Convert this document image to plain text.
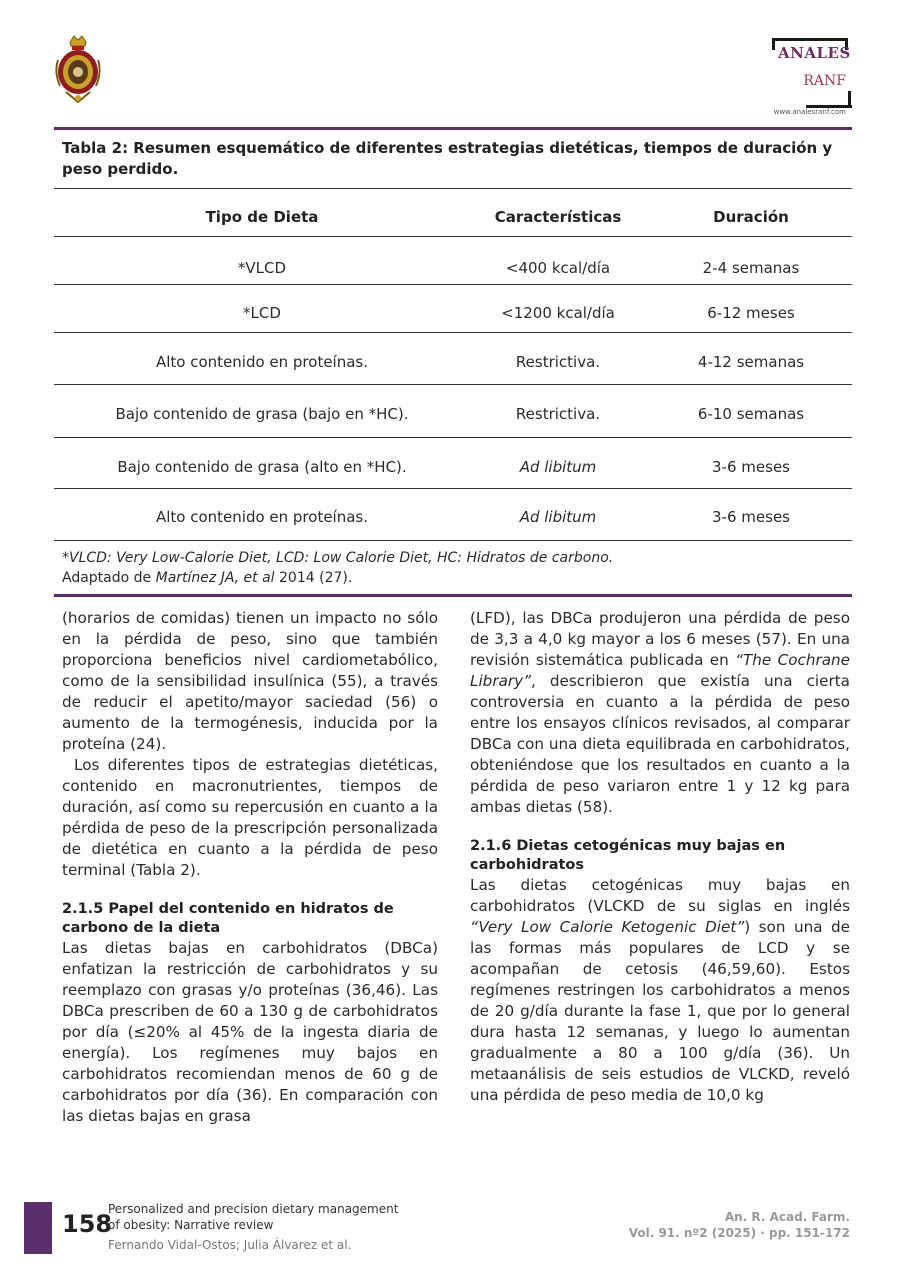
ANALES
RANF
www.analesranf.com
Tabla 2: Resumen esquemático de diferentes estrategias dietéticas, tiempos de duración y peso perdido.
Tipo de Dieta	Características	Duración
*VLCD	<400 kcal/día	2-4 semanas
*LCD	<1200 kcal/día	6-12 meses
Alto contenido en proteínas.	Restrictiva.	4-12 semanas
Bajo contenido de grasa (bajo en *HC).	Restrictiva.	6-10 semanas
Bajo contenido de grasa (alto en *HC).	Ad libitum	3-6 meses
Alto contenido en proteínas.	Ad libitum	3-6 meses
*VLCD: Very Low-Calorie Diet, LCD: Low Calorie Diet, HC: Hidratos de carbono.
Adaptado de Martínez JA, et al 2014 (27).

(horarios de comidas) tienen un impacto no sólo en la pérdida de peso, sino que también proporciona beneficios nivel cardiometabólico, como de la sensibilidad insulínica (55), a través de reducir el apetito/mayor saciedad (56) o aumento de la termogénesis, inducida por la proteína (24).

Los diferentes tipos de estrategias dietéticas, contenido en macronutrientes, tiempos de duración, así como su repercusión en cuanto a la pérdida de peso de la prescripción personalizada de dietética en cuanto a la pérdida de peso terminal (Tabla 2).

2.1.5 Papel del contenido en hidratos de carbono de la dieta

Las dietas bajas en carbohidratos (DBCa) enfatizan la restricción de carbohidratos y su reemplazo con grasas y/o proteínas (36,46). Las DBCa prescriben de 60 a 130 g de carbohidratos por día (≤20% al 45% de la ingesta diaria de energía). Los regímenes muy bajos en carbohidratos recomiendan menos de 60 g de carbohidratos por día (36). En comparación con las dietas bajas en grasa

(LFD), las DBCa produjeron una pérdida de peso de 3,3 a 4,0 kg mayor a los 6 meses (57). En una revisión sistemática publicada en “The Cochrane Library”, describieron que existía una cierta controversia en cuanto a la pérdida de peso entre los ensayos clínicos revisados, al comparar DBCa con una dieta equilibrada en carbohidratos, obteniéndose que los resultados en cuanto a la pérdida de peso variaron entre 1 y 12 kg para ambas dietas (58).

2.1.6 Dietas cetogénicas muy bajas en carbohidratos

Las dietas cetogénicas muy bajas en carbohidratos (VLCKD de su siglas en inglés “Very Low Calorie Ketogenic Diet”) son una de las formas más populares de LCD y se acompañan de cetosis (46,59,60). Estos regímenes restringen los carbohidratos a menos de 20 g/día durante la fase 1, que por lo general dura hasta 12 semanas, y luego lo aumentan gradualmente a 80 a 100 g/día (36). Un metaanálisis de seis estudios de VLCKD, reveló una pérdida de peso media de 10,0 kg

158
Personalized and precision dietary management
of obesity: Narrative review
Fernando Vidal-Ostos; Julia Álvarez et al.
An. R. Acad. Farm.
Vol. 91. nº2 (2025) · pp. 151-172
